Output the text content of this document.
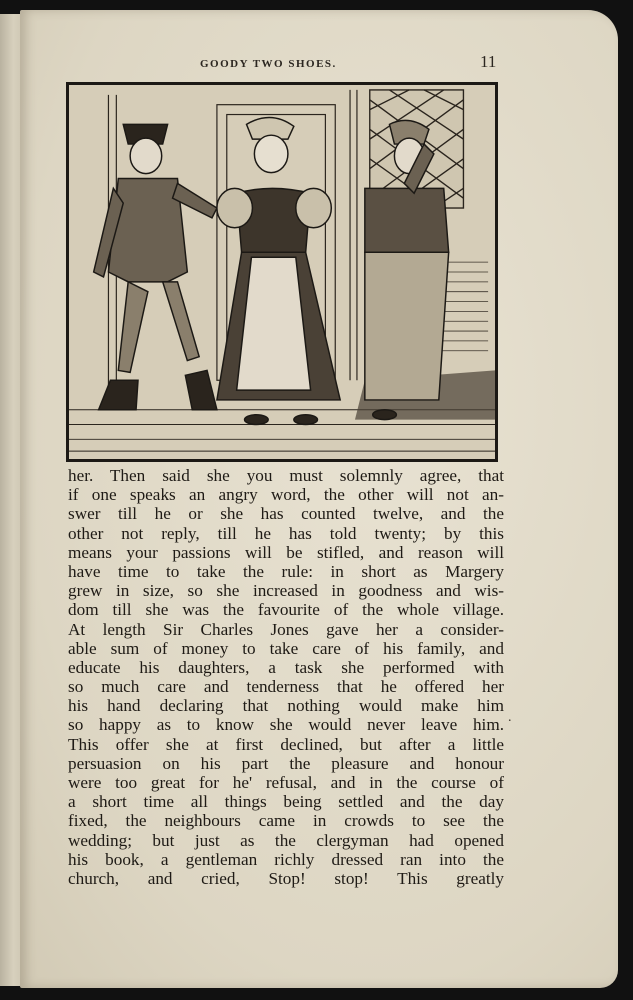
GOODY TWO SHOES.	11
her. Then said she you must solemnly agree, that
if one speaks an angry word, the other will not an-
swer till he or she has counted twelve, and the
other not reply, till he has told twenty; by this
means your passions will be stifled, and reason will
have time to take the rule: in short as Margery
grew in size, so she increased in goodness and wis-
dom till she was the favourite of the whole village.
At length Sir Charles Jones gave her a consider-
able sum of money to take care of his family, and
educate his daughters, a task she performed with
so much care and tenderness that he offered her
his hand declaring that nothing would make him
so happy as to know she would never leave him.
This offer she at first declined, but after a little
persuasion on his part the pleasure and honour
were too great for he' refusal, and in the course of
a short time all things being settled and the day
fixed, the neighbours came in crowds to see the
wedding; but just as the clergyman had opened
his book, a gentleman richly dressed ran into the
church, and cried, Stop! stop! This greatly
.
